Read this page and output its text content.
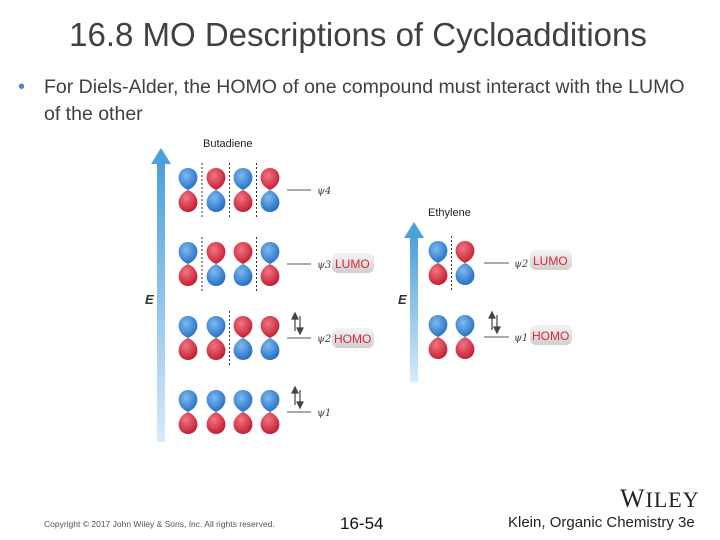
16.8 MO Descriptions of Cycloadditions
• For Diels-Alder, the HOMO of one compound must interact with the LUMO of the other
E	E
Butadiene
Ethylene
ψ4
ψ3 LUMO
ψ2 HOMO
ψ1
ψ2 LUMO
ψ1 HOMO
Copyright © 2017 John Wiley & Sons, Inc. All rights reserved.	16-54
WILEY
Klein, Organic Chemistry 3e
